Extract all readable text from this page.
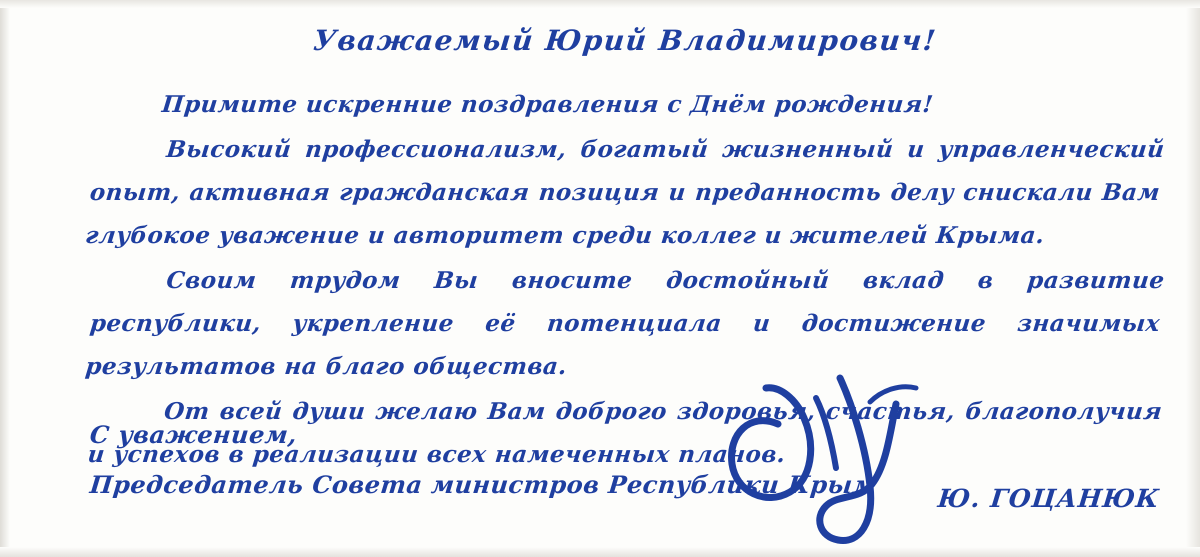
Уважаемый Юрий Владимирович!

Примите искренние поздравления с Днём рождения!

Высокий профессионализм, богатый жизненный и управленческий опыт, активная гражданская позиция и преданность делу снискали Вам глубокое уважение и авторитет среди коллег и жителей Крыма.

Своим трудом Вы вносите достойный вклад в развитие республики, укрепление её потенциала и достижение значимых результатов на благо общества.

От всей души желаю Вам доброго здоровья, счастья, благополучия и успехов в реализации всех намеченных планов.

С уважением,
Председатель Совета министров Республики Крым Ю. ГОЦАНЮК
